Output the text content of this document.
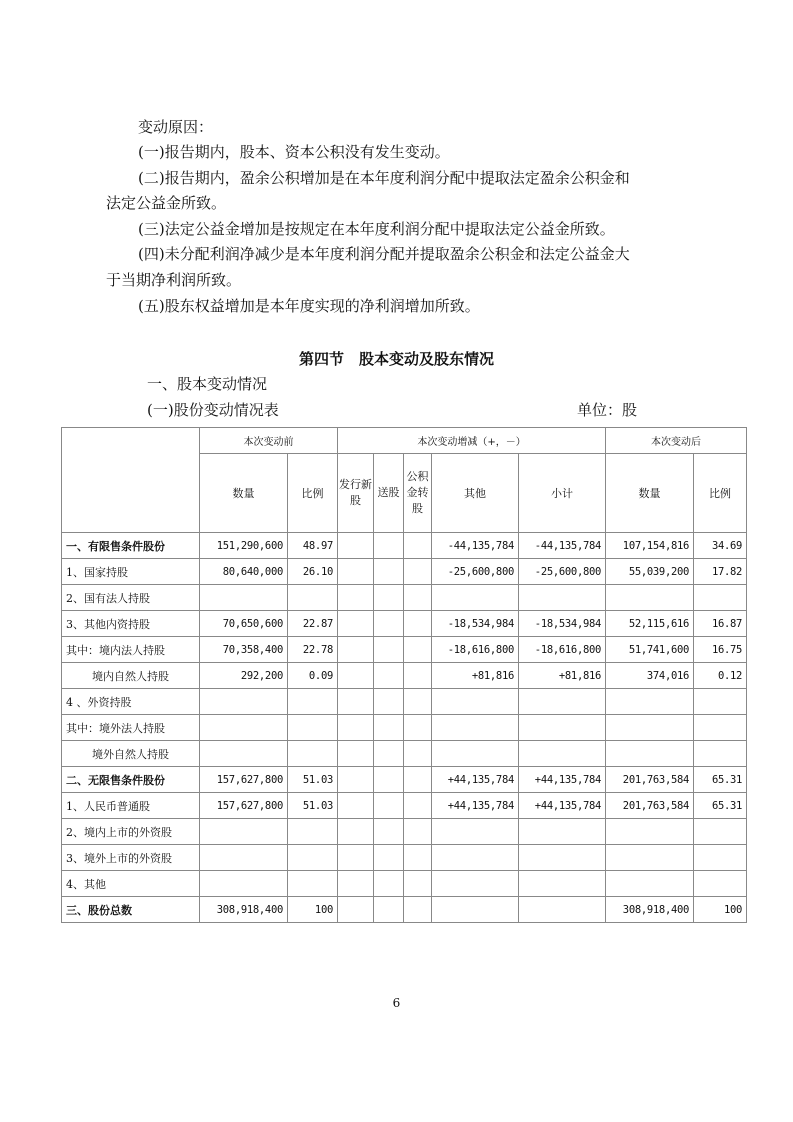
变动原因：
(一)报告期内，股本、资本公积没有发生变动。
(二)报告期内，盈余公积增加是在本年度利润分配中提取法定盈余公积金和
法定公益金所致。
(三)法定公益金增加是按规定在本年度利润分配中提取法定公益金所致。
(四)未分配利润净减少是本年度利润分配并提取盈余公积金和法定公益金大
于当期净利润所致。
(五)股东权益增加是本年度实现的净利润增加所致。
第四节　股本变动及股东情况
一、股本变动情况
(一)股份变动情况表	单位：股
	本次变动前		本次变动增减（+，－）					本次变动后	
	数量	比例	发行新股	送股	公积金转股	其他	小计	数量	比例
一、有限售条件股份	151,290,600	48.97				-44,135,784	-44,135,784	107,154,816	34.69
1、国家持股	80,640,000	26.10				-25,600,800	-25,600,800	55,039,200	17.82
2、国有法人持股									
3、其他内资持股	70,650,600	22.87				-18,534,984	-18,534,984	52,115,616	16.87
其中：境内法人持股	70,358,400	22.78				-18,616,800	-18,616,800	51,741,600	16.75
境内自然人持股	292,200	0.09				+81,816	+81,816	374,016	0.12
4 、外资持股									
其中：境外法人持股									
境外自然人持股									
二、无限售条件股份	157,627,800	51.03				+44,135,784	+44,135,784	201,763,584	65.31
1、人民币普通股	157,627,800	51.03				+44,135,784	+44,135,784	201,763,584	65.31
2、境内上市的外资股									
3、境外上市的外资股									
4、其他									
三、股份总数	308,918,400	100						308,918,400	100
6
